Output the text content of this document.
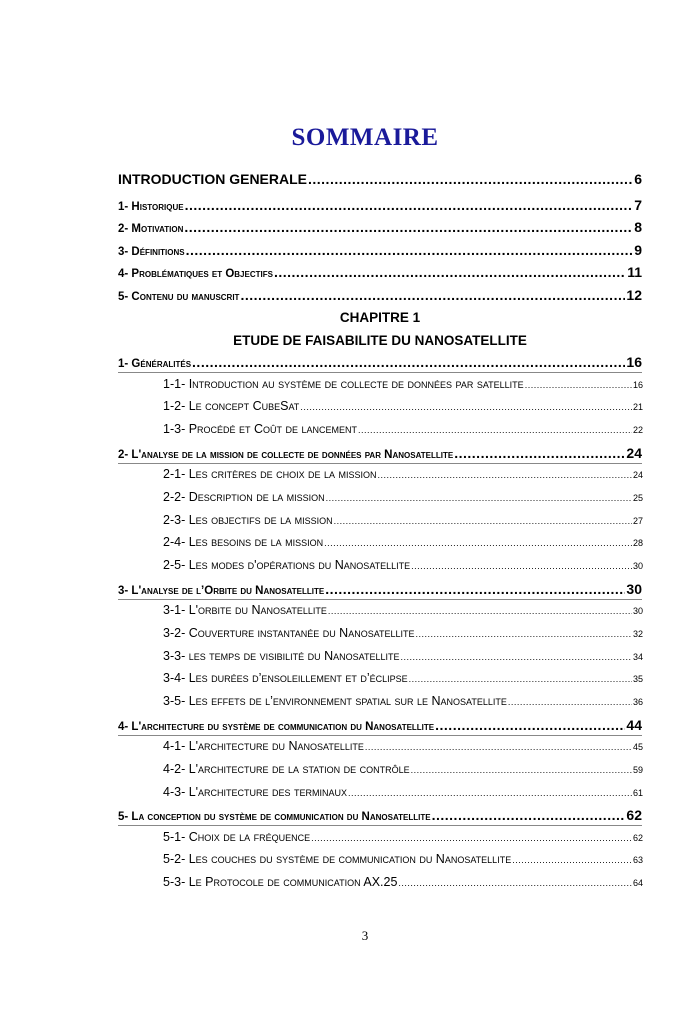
SOMMAIRE
INTRODUCTION GENERALE .....	6
1- Historique .....	7
2- Motivation .....	8
3- Définitions .....	9
4- Problématiques et Objectifs .....	11
5- Contenu du manuscrit .....	12
CHAPITRE 1
ETUDE DE FAISABILITE DU NANOSATELLITE
1- Généralités .....	16
1-1- Introduction au système de collecte de données par satellite .....	16
1-2- Le concept CubeSat .....	21
1-3- Procédé et Coût de lancement .....	22
2- L'analyse de la mission de collecte de données par Nanosatellite .....	24
2-1- Les critères de choix de la mission .....	24
2-2- Description de la mission .....	25
2-3- Les objectifs de la mission .....	27
2-4- Les besoins de la mission .....	28
2-5- Les modes d'opérations du Nanosatellite .....	30
3- L'analyse de l’Orbite du Nanosatellite .....	30
3-1- L'orbite du Nanosatellite .....	30
3-2- Couverture instantanée du Nanosatellite .....	32
3-3- les temps de visibilité du Nanosatellite .....	34
3-4- Les durées d’ensoleillement et d’éclipse .....	35
3-5- Les effets de l’environnement spatial sur le Nanosatellite .....	36
4- L'architecture du système de communication du Nanosatellite .....	44
4-1- L'architecture du Nanosatellite .....	45
4-2- L'architecture de la station de contrôle .....	59
4-3- L'architecture des terminaux .....	61
5- La conception du système de communication du Nanosatellite .....	62
5-1- Choix de la fréquence .....	62
5-2- Les couches du système de communication du Nanosatellite .....	63
5-3- Le Protocole de communication AX.25 .....	64
3
